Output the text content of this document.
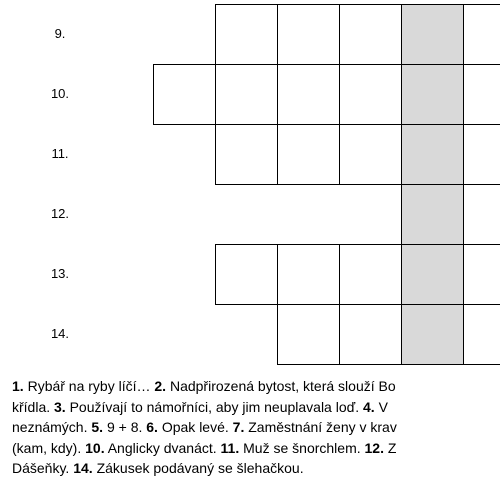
9.
10.
11.
12.
13.
14.
1. Rybář na ryby líčí… 2. Nadpřirozená bytost, která slouží Bo
křídla. 3. Používají to námořníci, aby jim neuplavala loď. 4. V
neznámých. 5. 9 + 8. 6. Opak levé. 7. Zaměstnání ženy v krav
(kam, kdy). 10. Anglicky dvanáct. 11. Muž se šnorchlem. 12. Z
Dášeňky. 14. Zákusek podávaný se šlehačkou.
